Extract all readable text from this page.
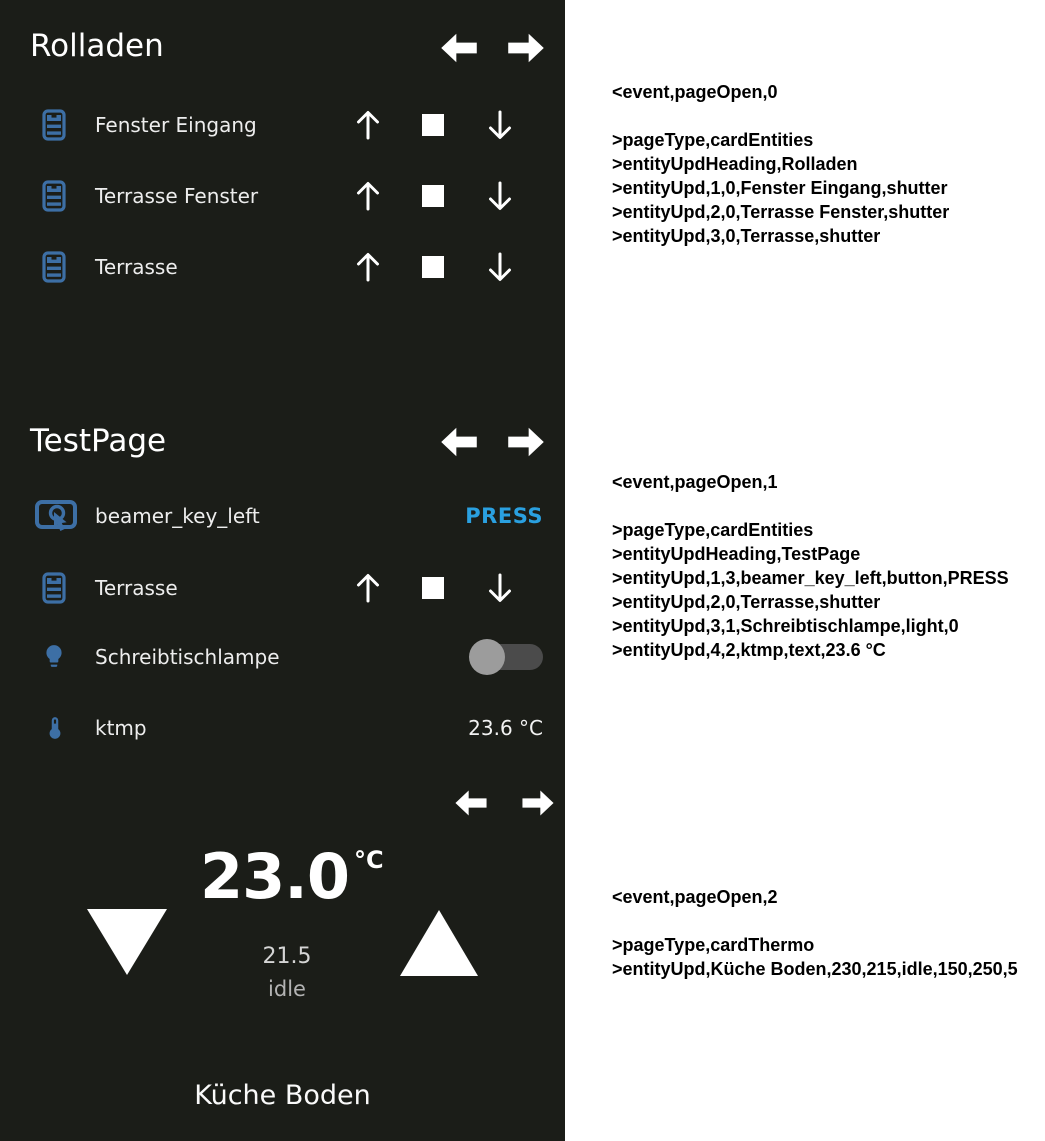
Rolladen
Fenster Eingang
Terrasse Fenster
Terrasse
TestPage
beamer_key_left	PRESS
Terrasse
Schreibtischlampe
ktmp	23.6 °C
23.0 $^{^\circ C}$
21.5
idle
Küche Boden
<event,pageOpen,0
>pageType,cardEntities
>entityUpdHeading,Rolladen
>entityUpd,1,0,Fenster Eingang,shutter
>entityUpd,2,0,Terrasse Fenster,shutter
>entityUpd,3,0,Terrasse,shutter
<event,pageOpen,1
>pageType,cardEntities
>entityUpdHeading,TestPage
>entityUpd,1,3,beamer_key_left,button,PRESS
>entityUpd,2,0,Terrasse,shutter
>entityUpd,3,1,Schreibtischlampe,light,0
>entityUpd,4,2,ktmp,text,23.6 °C
<event,pageOpen,2
>pageType,cardThermo
>entityUpd,Küche Boden,230,215,idle,150,250,5
